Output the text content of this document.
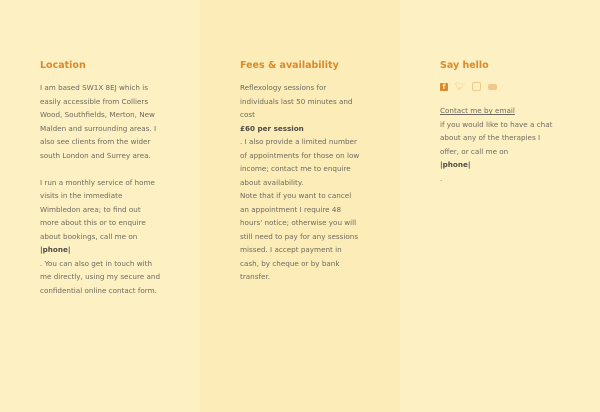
Location

I am based SW1X 8EJ which is easily accessible from Colliers Wood, Southfields, Merton, New Malden and surrounding areas. I also see clients from the wider south London and Surrey area.

I run a monthly service of home visits in the immediate Wimbledon area; to find out more about this or to enquire about bookings, call me on

|phone|

. You can also get in touch with me directly, using my secure and confidential online contact form.

Fees & availability

Reflexology sessions for individuals last 50 minutes and cost

£60 per session

. I also provide a limited number of appointments for those on low income; contact me to enquire about availability.

Note that if you want to cancel an appointment I require 48 hours' notice; otherwise you will still need to pay for any sessions missed. I accept payment in cash, by cheque or by bank transfer.

Say hello
f	🐦︎
Contact me by email

if you would like to have a chat about any of the therapies I offer, or call me on

|phone|

.
